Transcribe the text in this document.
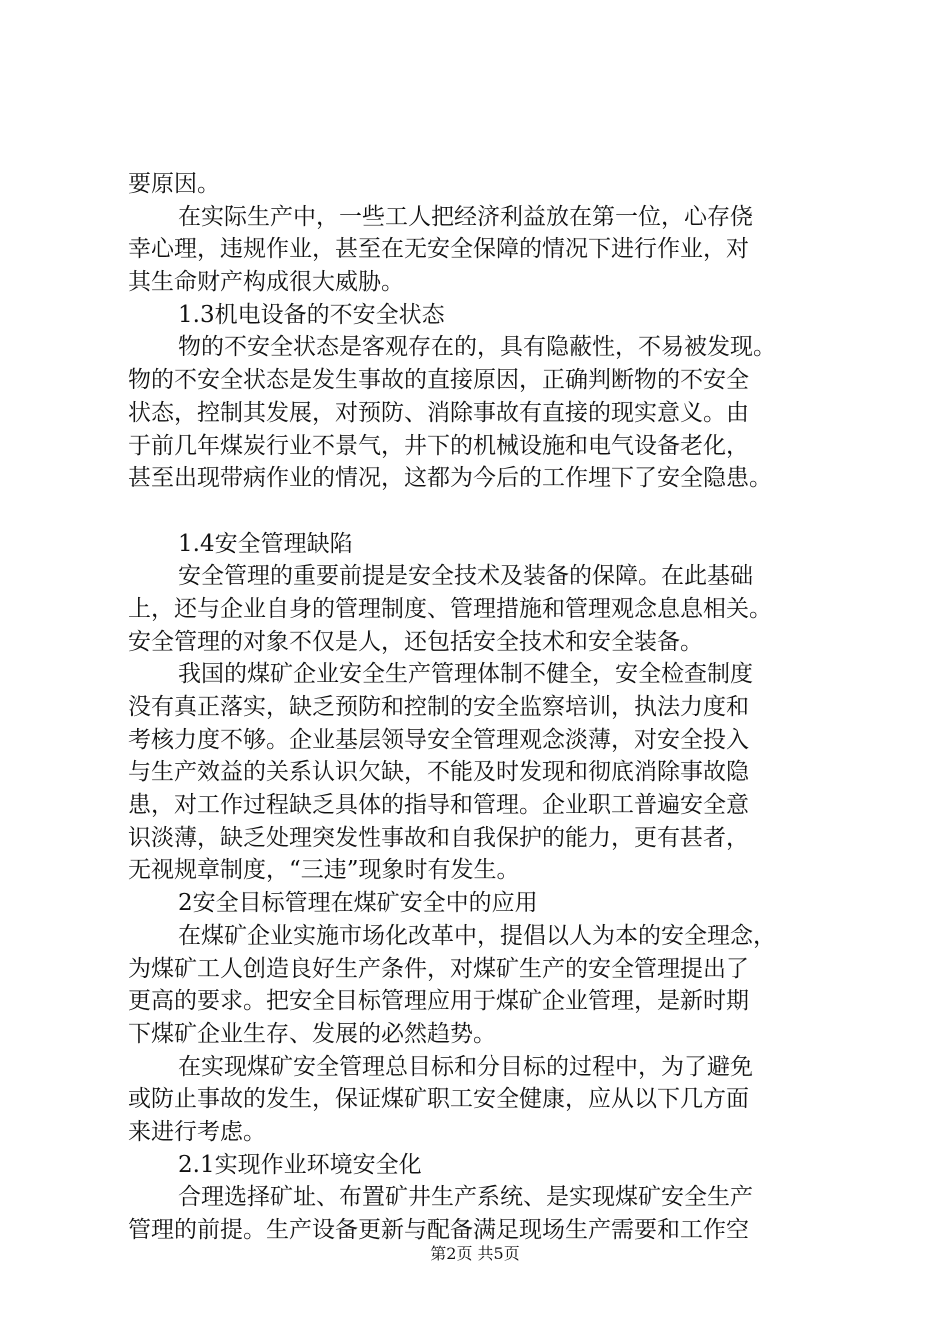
要原因。
在实际生产中，一些工人把经济利益放在第一位，心存侥
幸心理，违规作业，甚至在无安全保障的情况下进行作业，对
其生命财产构成很大威胁。
1.3机电设备的不安全状态
物的不安全状态是客观存在的，具有隐蔽性，不易被发现。
物的不安全状态是发生事故的直接原因，正确判断物的不安全
状态，控制其发展，对预防、消除事故有直接的现实意义。由
于前几年煤炭行业不景气，井下的机械设施和电气设备老化，
甚至出现带病作业的情况，这都为今后的工作埋下了安全隐患。
1.4安全管理缺陷
安全管理的重要前提是安全技术及装备的保障。在此基础
上，还与企业自身的管理制度、管理措施和管理观念息息相关。
安全管理的对象不仅是人，还包括安全技术和安全装备。
我国的煤矿企业安全生产管理体制不健全，安全检查制度
没有真正落实，缺乏预防和控制的安全监察培训，执法力度和
考核力度不够。企业基层领导安全管理观念淡薄，对安全投入
与生产效益的关系认识欠缺，不能及时发现和彻底消除事故隐
患，对工作过程缺乏具体的指导和管理。企业职工普遍安全意
识淡薄，缺乏处理突发性事故和自我保护的能力，更有甚者，
无视规章制度，“三违”现象时有发生。
2安全目标管理在煤矿安全中的应用
在煤矿企业实施市场化改革中，提倡以人为本的安全理念，
为煤矿工人创造良好生产条件，对煤矿生产的安全管理提出了
更高的要求。把安全目标管理应用于煤矿企业管理，是新时期
下煤矿企业生存、发展的必然趋势。
在实现煤矿安全管理总目标和分目标的过程中，为了避免
或防止事故的发生，保证煤矿职工安全健康，应从以下几方面
来进行考虑。
2.1实现作业环境安全化
合理选择矿址、布置矿井生产系统、是实现煤矿安全生产
管理的前提。生产设备更新与配备满足现场生产需要和工作空
第2页 共5页
